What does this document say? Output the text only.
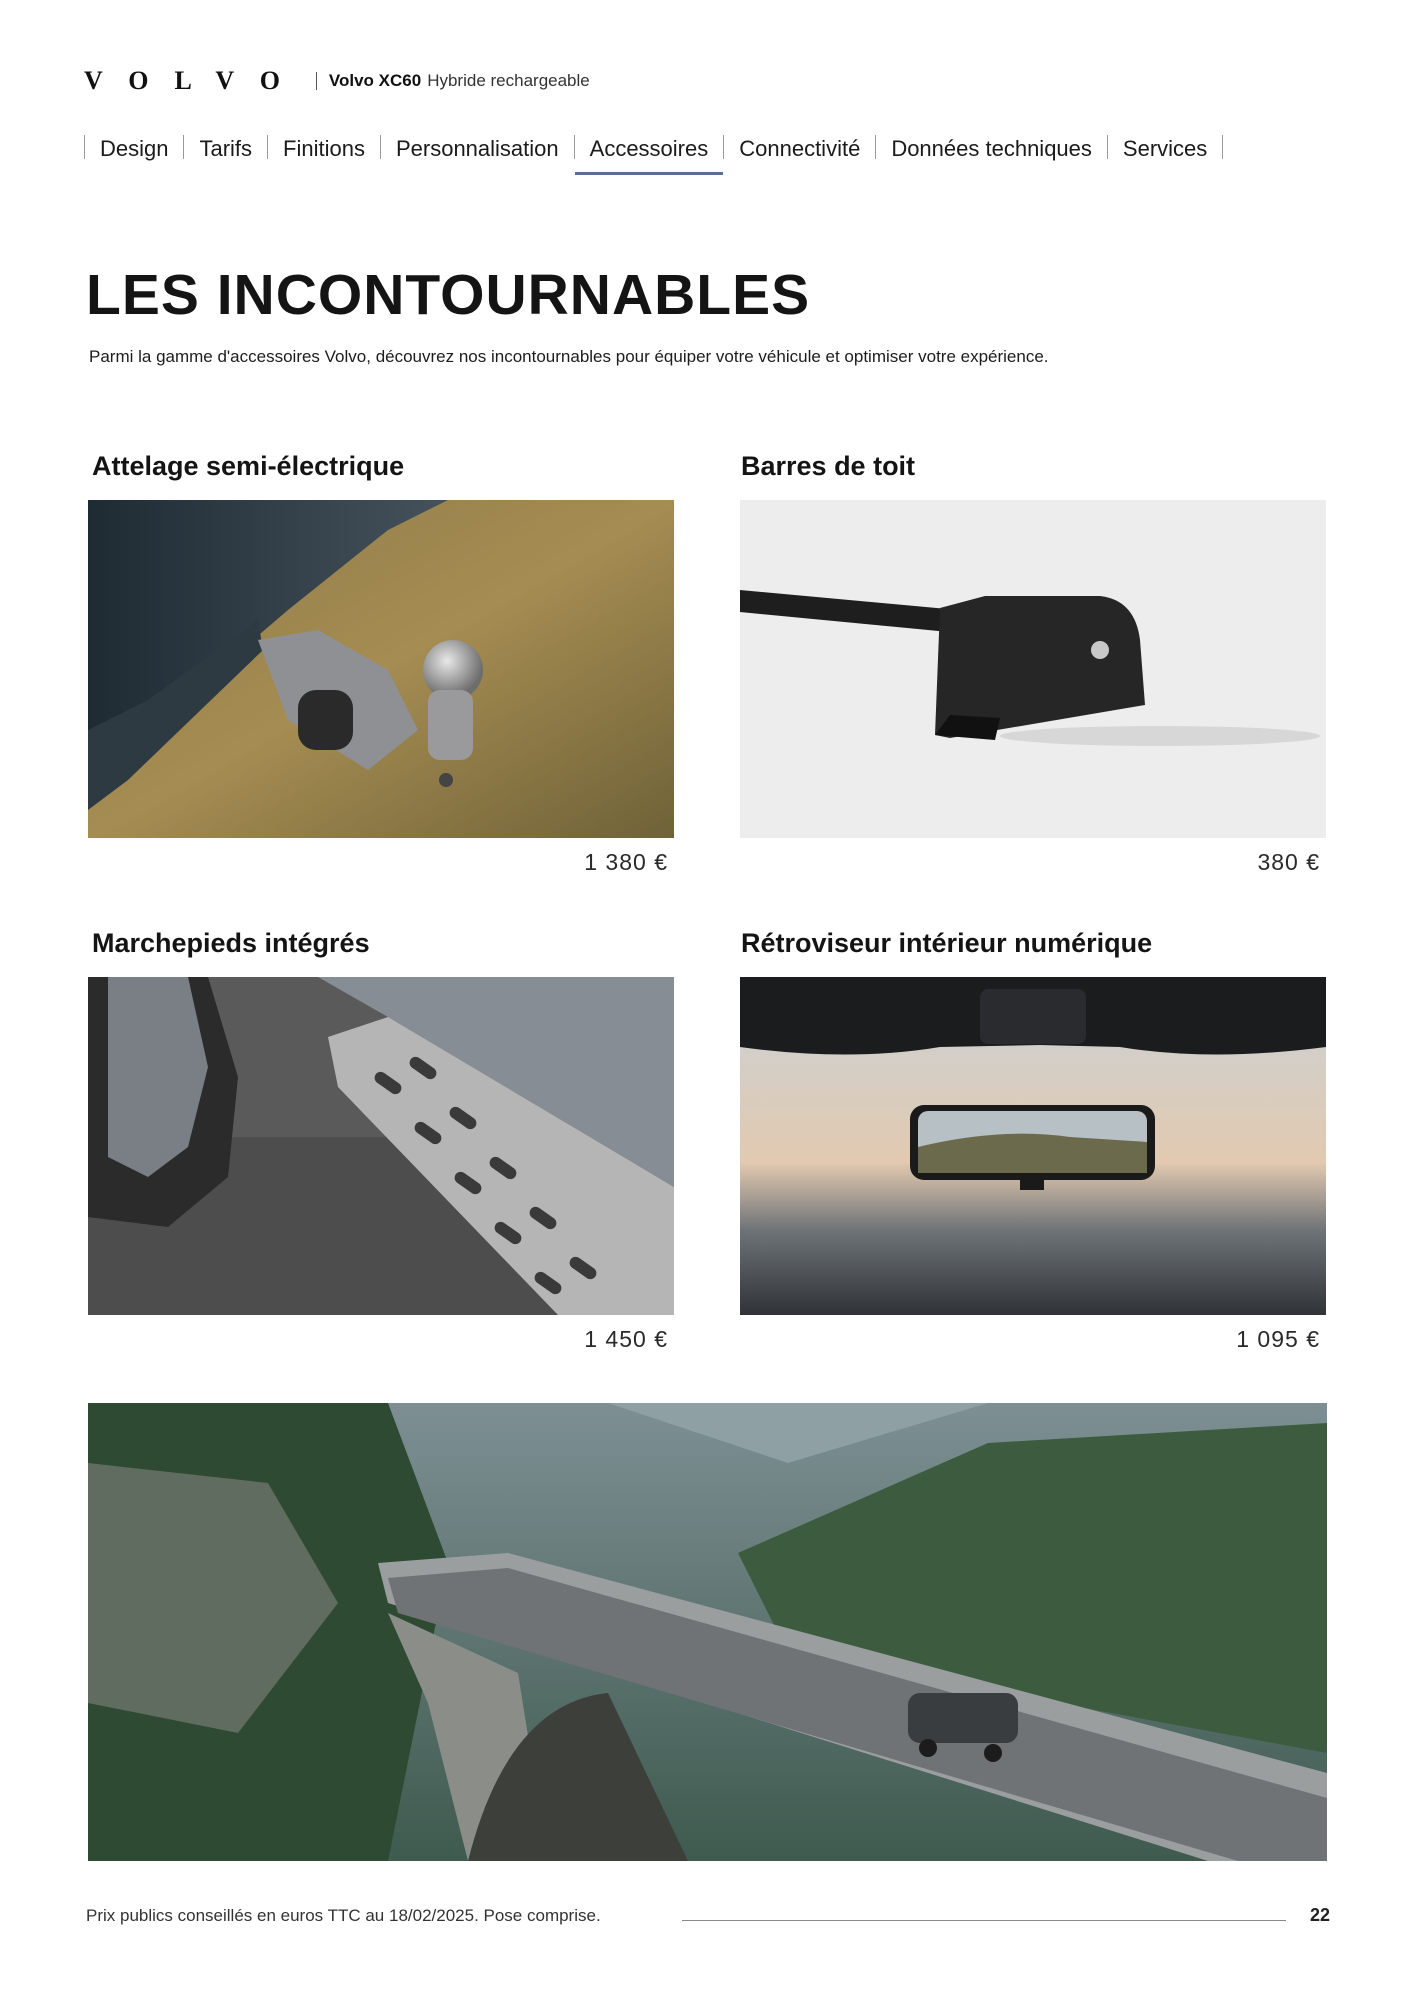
VOLVO Volvo XC60 Hybride rechargeable
Design	Tarifs	Finitions	Personnalisation	Accessoires	Connectivité	Données techniques	Services
LES INCONTOURNABLES

Parmi la gamme d'accessoires Volvo, découvrez nos incontournables pour équiper votre véhicule et optimiser votre expérience.

Attelage semi-électrique
1 380 €
Barres de toit
380 €
Marchepieds intégrés
1 450 €
Rétroviseur intérieur numérique
1 095 €
Prix publics conseillés en euros TTC au 18/02/2025. Pose comprise.	22
